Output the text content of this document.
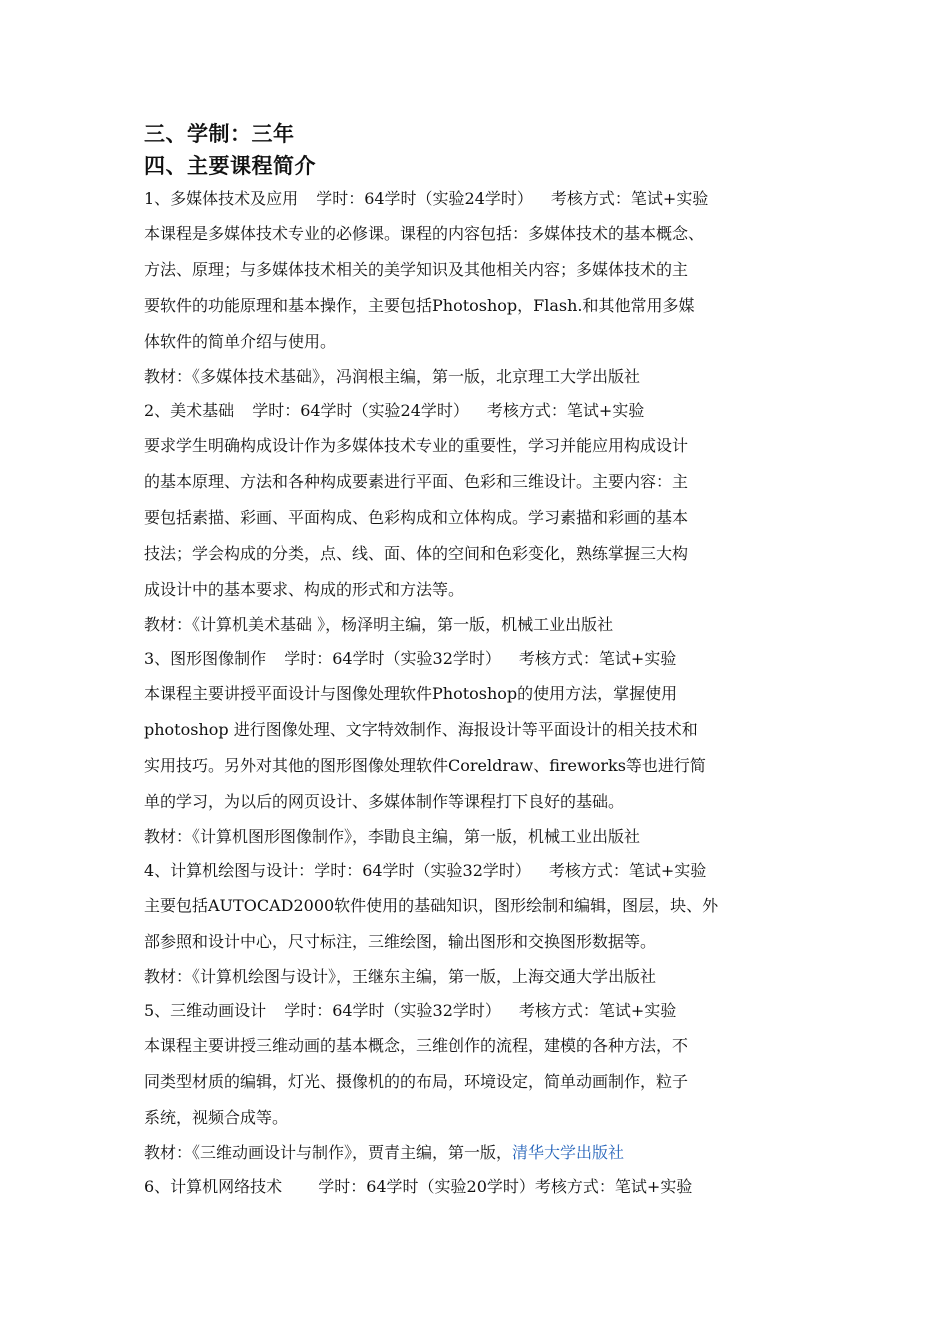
三、学制：三年
四、主要课程简介
1、多媒体技术及应用 学时：64学时（实验24学时） 考核方式：笔试+实验

本课程是多媒体技术专业的必修课。课程的内容包括：多媒体技术的基本概念、
方法、原理；与多媒体技术相关的美学知识及其他相关内容；多媒体技术的主
要软件的功能原理和基本操作，主要包括Photoshop，Flash.和其他常用多媒
体软件的简单介绍与使用。

教材：《多媒体技术基础》，冯润根主编，第一版，北京理工大学出版社
2、美术基础 学时：64学时（实验24学时） 考核方式：笔试+实验

要求学生明确构成设计作为多媒体技术专业的重要性，学习并能应用构成设计
的基本原理、方法和各种构成要素进行平面、色彩和三维设计。主要内容：主
要包括素描、彩画、平面构成、色彩构成和立体构成。学习素描和彩画的基本
技法；学会构成的分类，点、线、面、体的空间和色彩变化，熟练掌握三大构
成设计中的基本要求、构成的形式和方法等。

教材：《计算机美术基础 》，杨泽明主编，第一版，机械工业出版社
3、图形图像制作 学时：64学时（实验32学时） 考核方式：笔试+实验

本课程主要讲授平面设计与图像处理软件Photoshop的使用方法，掌握使用
photoshop 进行图像处理、文字特效制作、海报设计等平面设计的相关技术和
实用技巧。另外对其他的图形图像处理软件Coreldraw、fireworks等也进行简
单的学习，为以后的网页设计、多媒体制作等课程打下良好的基础。

教材：《计算机图形图像制作》，李勖良主编，第一版，机械工业出版社
4、计算机绘图与设计：学时：64学时（实验32学时） 考核方式：笔试+实验

主要包括AUTOCAD2000软件使用的基础知识，图形绘制和编辑，图层，块、外
部参照和设计中心，尺寸标注，三维绘图，输出图形和交换图形数据等。

教材：《计算机绘图与设计》，王继东主编，第一版，上海交通大学出版社
5、三维动画设计 学时：64学时（实验32学时） 考核方式：笔试+实验

本课程主要讲授三维动画的基本概念，三维创作的流程，建模的各种方法，不
同类型材质的编辑，灯光、摄像机的的布局，环境设定，简单动画制作，粒子
系统，视频合成等。

教材：《三维动画设计与制作》，贾青主编，第一版，清华大学出版社
6、计算机网络技术 学时：64学时（实验20学时）考核方式：笔试+实验
